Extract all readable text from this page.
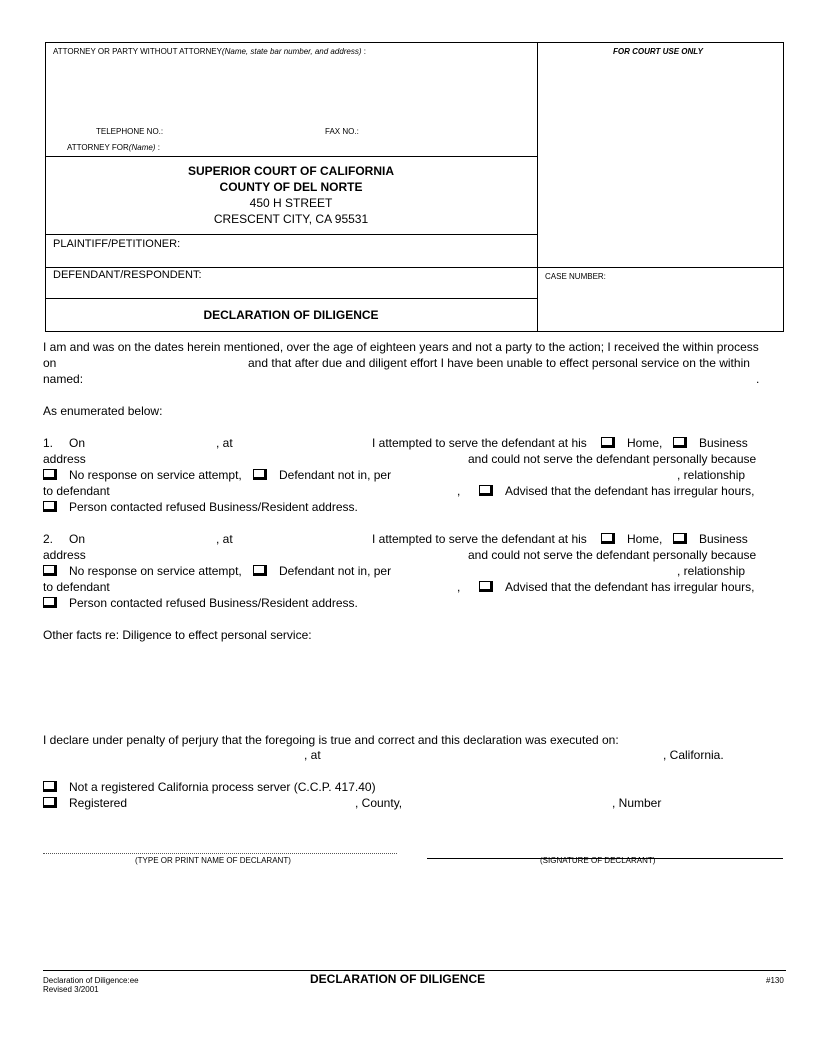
ATTORNEY OR PARTY WITHOUT ATTORNEY(Name, state bar number, and address) :	FOR COURT USE ONLY
TELEPHONE NO.:	FAX NO.:
ATTORNEY FOR(Name) :
SUPERIOR COURT OF CALIFORNIA
COUNTY OF DEL NORTE
450 H STREET
CRESCENT CITY, CA 95531
PLAINTIFF/PETITIONER:
DEFENDANT/RESPONDENT:	CASE NUMBER:
DECLARATION OF DILIGENCE
I am and was on the dates herein mentioned, over the age of eighteen years and not a party to the action; I received the within process
on	and that after due and diligent effort I have been unable to effect personal service on the within
named:	.
As enumerated below:
1. On	, at	I attempted to serve the defendant at his	Home,	Business
address	and could not serve the defendant personally because
No response on service attempt,	Defendant not in, per	, relationship
to defendant	,	Advised that the defendant has irregular hours,
Person contacted refused Business/Resident address.
2. On	, at	I attempted to serve the defendant at his	Home,	Business
address	and could not serve the defendant personally because
No response on service attempt,	Defendant not in, per	, relationship
to defendant	,	Advised that the defendant has irregular hours,
Person contacted refused Business/Resident address.
Other facts re: Diligence to effect personal service:
I declare under penalty of perjury that the foregoing is true and correct and this declaration was executed on:
, at	, California.
Not a registered California process server (C.C.P. 417.40)
Registered	, County,	, Number
(TYPE OR PRINT NAME OF DECLARANT)	(SIGNATURE OF DECLARANT)
Declaration of Diligence:ee
Revised 3/2001
DECLARATION OF DILIGENCE	#130
